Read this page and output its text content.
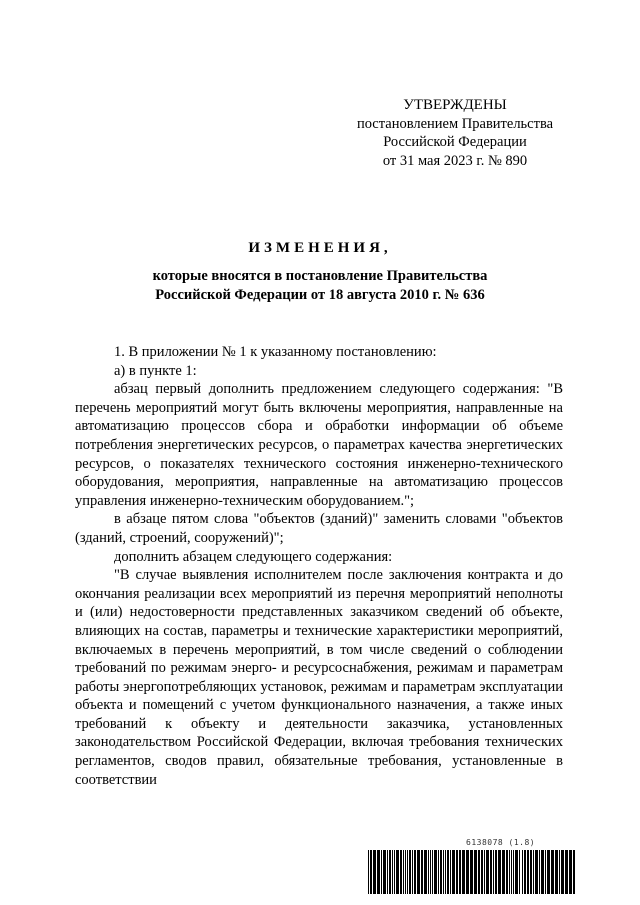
УТВЕРЖДЕНЫ
постановлением Правительства
Российской Федерации
от 31 мая 2023 г. № 890
ИЗМЕНЕНИЯ,
которые вносятся в постановление Правительства
Российской Федерации от 18 августа 2010 г. № 636

1. В приложении № 1 к указанному постановлению:

а) в пункте 1:

абзац первый дополнить предложением следующего содержания: "В перечень мероприятий могут быть включены мероприятия, направленные на автоматизацию процессов сбора и обработки информации об объеме потребления энергетических ресурсов, о параметрах качества энергетических ресурсов, о показателях технического состояния инженерно-технического оборудования, мероприятия, направленные на автоматизацию процессов управления инженерно-техническим оборудованием.";

в абзаце пятом слова "объектов (зданий)" заменить словами "объектов (зданий, строений, сооружений)";

дополнить абзацем следующего содержания:

"В случае выявления исполнителем после заключения контракта и до окончания реализации всех мероприятий из перечня мероприятий неполноты и (или) недостоверности представленных заказчиком сведений об объекте, влияющих на состав, параметры и технические характеристики мероприятий, включаемых в перечень мероприятий, в том числе сведений о соблюдении требований по режимам энерго- и ресурсоснабжения, режимам и параметрам работы энергопотребляющих установок, режимам и параметрам эксплуатации объекта и помещений с учетом функционального назначения, а также иных требований к объекту и деятельности заказчика, установленных законодательством Российской Федерации, включая требования технических регламентов, сводов правил, обязательные требования, установленные в соответствии

6138078 (1.8)
